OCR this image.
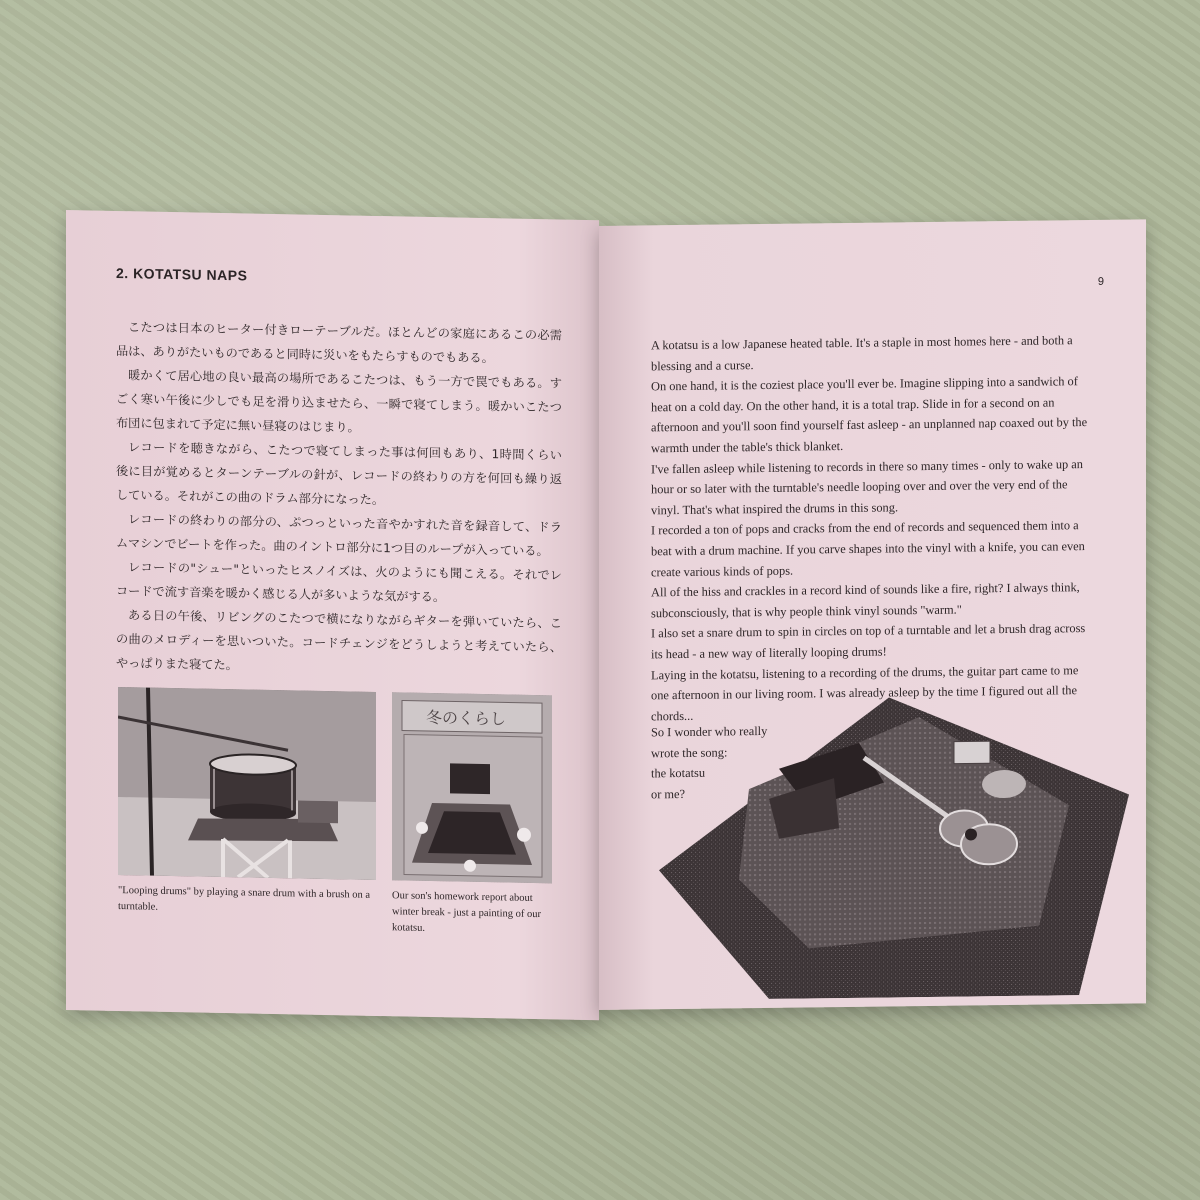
2. KOTATSU NAPS

こたつは日本のヒーター付きローテーブルだ。ほとんどの家庭にあるこの必需品は、ありがたいものであると同時に災いをもたらすものでもある。

暖かくて居心地の良い最高の場所であるこたつは、もう一方で罠でもある。すごく寒い午後に少しでも足を滑り込ませたら、一瞬で寝てしまう。暖かいこたつ布団に包まれて予定に無い昼寝のはじまり。

レコードを聴きながら、こたつで寝てしまった事は何回もあり、1時間くらい後に目が覚めるとターンテーブルの針が、レコードの終わりの方を何回も繰り返している。それがこの曲のドラム部分になった。

レコードの終わりの部分の、ぷつっといった音やかすれた音を録音して、ドラムマシンでビートを作った。曲のイントロ部分に1つ目のループが入っている。

レコードの"シュー"といったヒスノイズは、火のようにも聞こえる。それでレコードで流す音楽を暖かく感じる人が多いような気がする。

ある日の午後、リビングのこたつで横になりながらギターを弾いていたら、この曲のメロディーを思いついた。コードチェンジをどうしようと考えていたら、やっぱりまた寝てた。

"Looping drums" by playing a snare drum with a brush on a turntable.

冬のくらし

Our son's homework report about winter break - just a painting of our kotatsu.

9

A kotatsu is a low Japanese heated table. It's a staple in most homes here - and both a blessing and a curse.

On one hand, it is the coziest place you'll ever be. Imagine slipping into a sandwich of heat on a cold day. On the other hand, it is a total trap. Slide in for a second on an afternoon and you'll soon find yourself fast asleep - an unplanned nap coaxed out by the warmth under the table's thick blanket.

I've fallen asleep while listening to records in there so many times - only to wake up an hour or so later with the turntable's needle looping over and over the very end of the vinyl. That's what inspired the drums in this song.

I recorded a ton of pops and cracks from the end of records and sequenced them into a beat with a drum machine. If you carve shapes into the vinyl with a knife, you can even create various kinds of pops.

All of the hiss and crackles in a record kind of sounds like a fire, right? I always think, subconsciously, that is why people think vinyl sounds "warm."

I also set a snare drum to spin in circles on top of a turntable and let a brush drag across its head - a new way of literally looping drums!

Laying in the kotatsu, listening to a recording of the drums, the guitar part came to me one afternoon in our living room. I was already asleep by the time I figured out all the chords...

So I wonder who really
wrote the song:
the kotatsu
or me?
